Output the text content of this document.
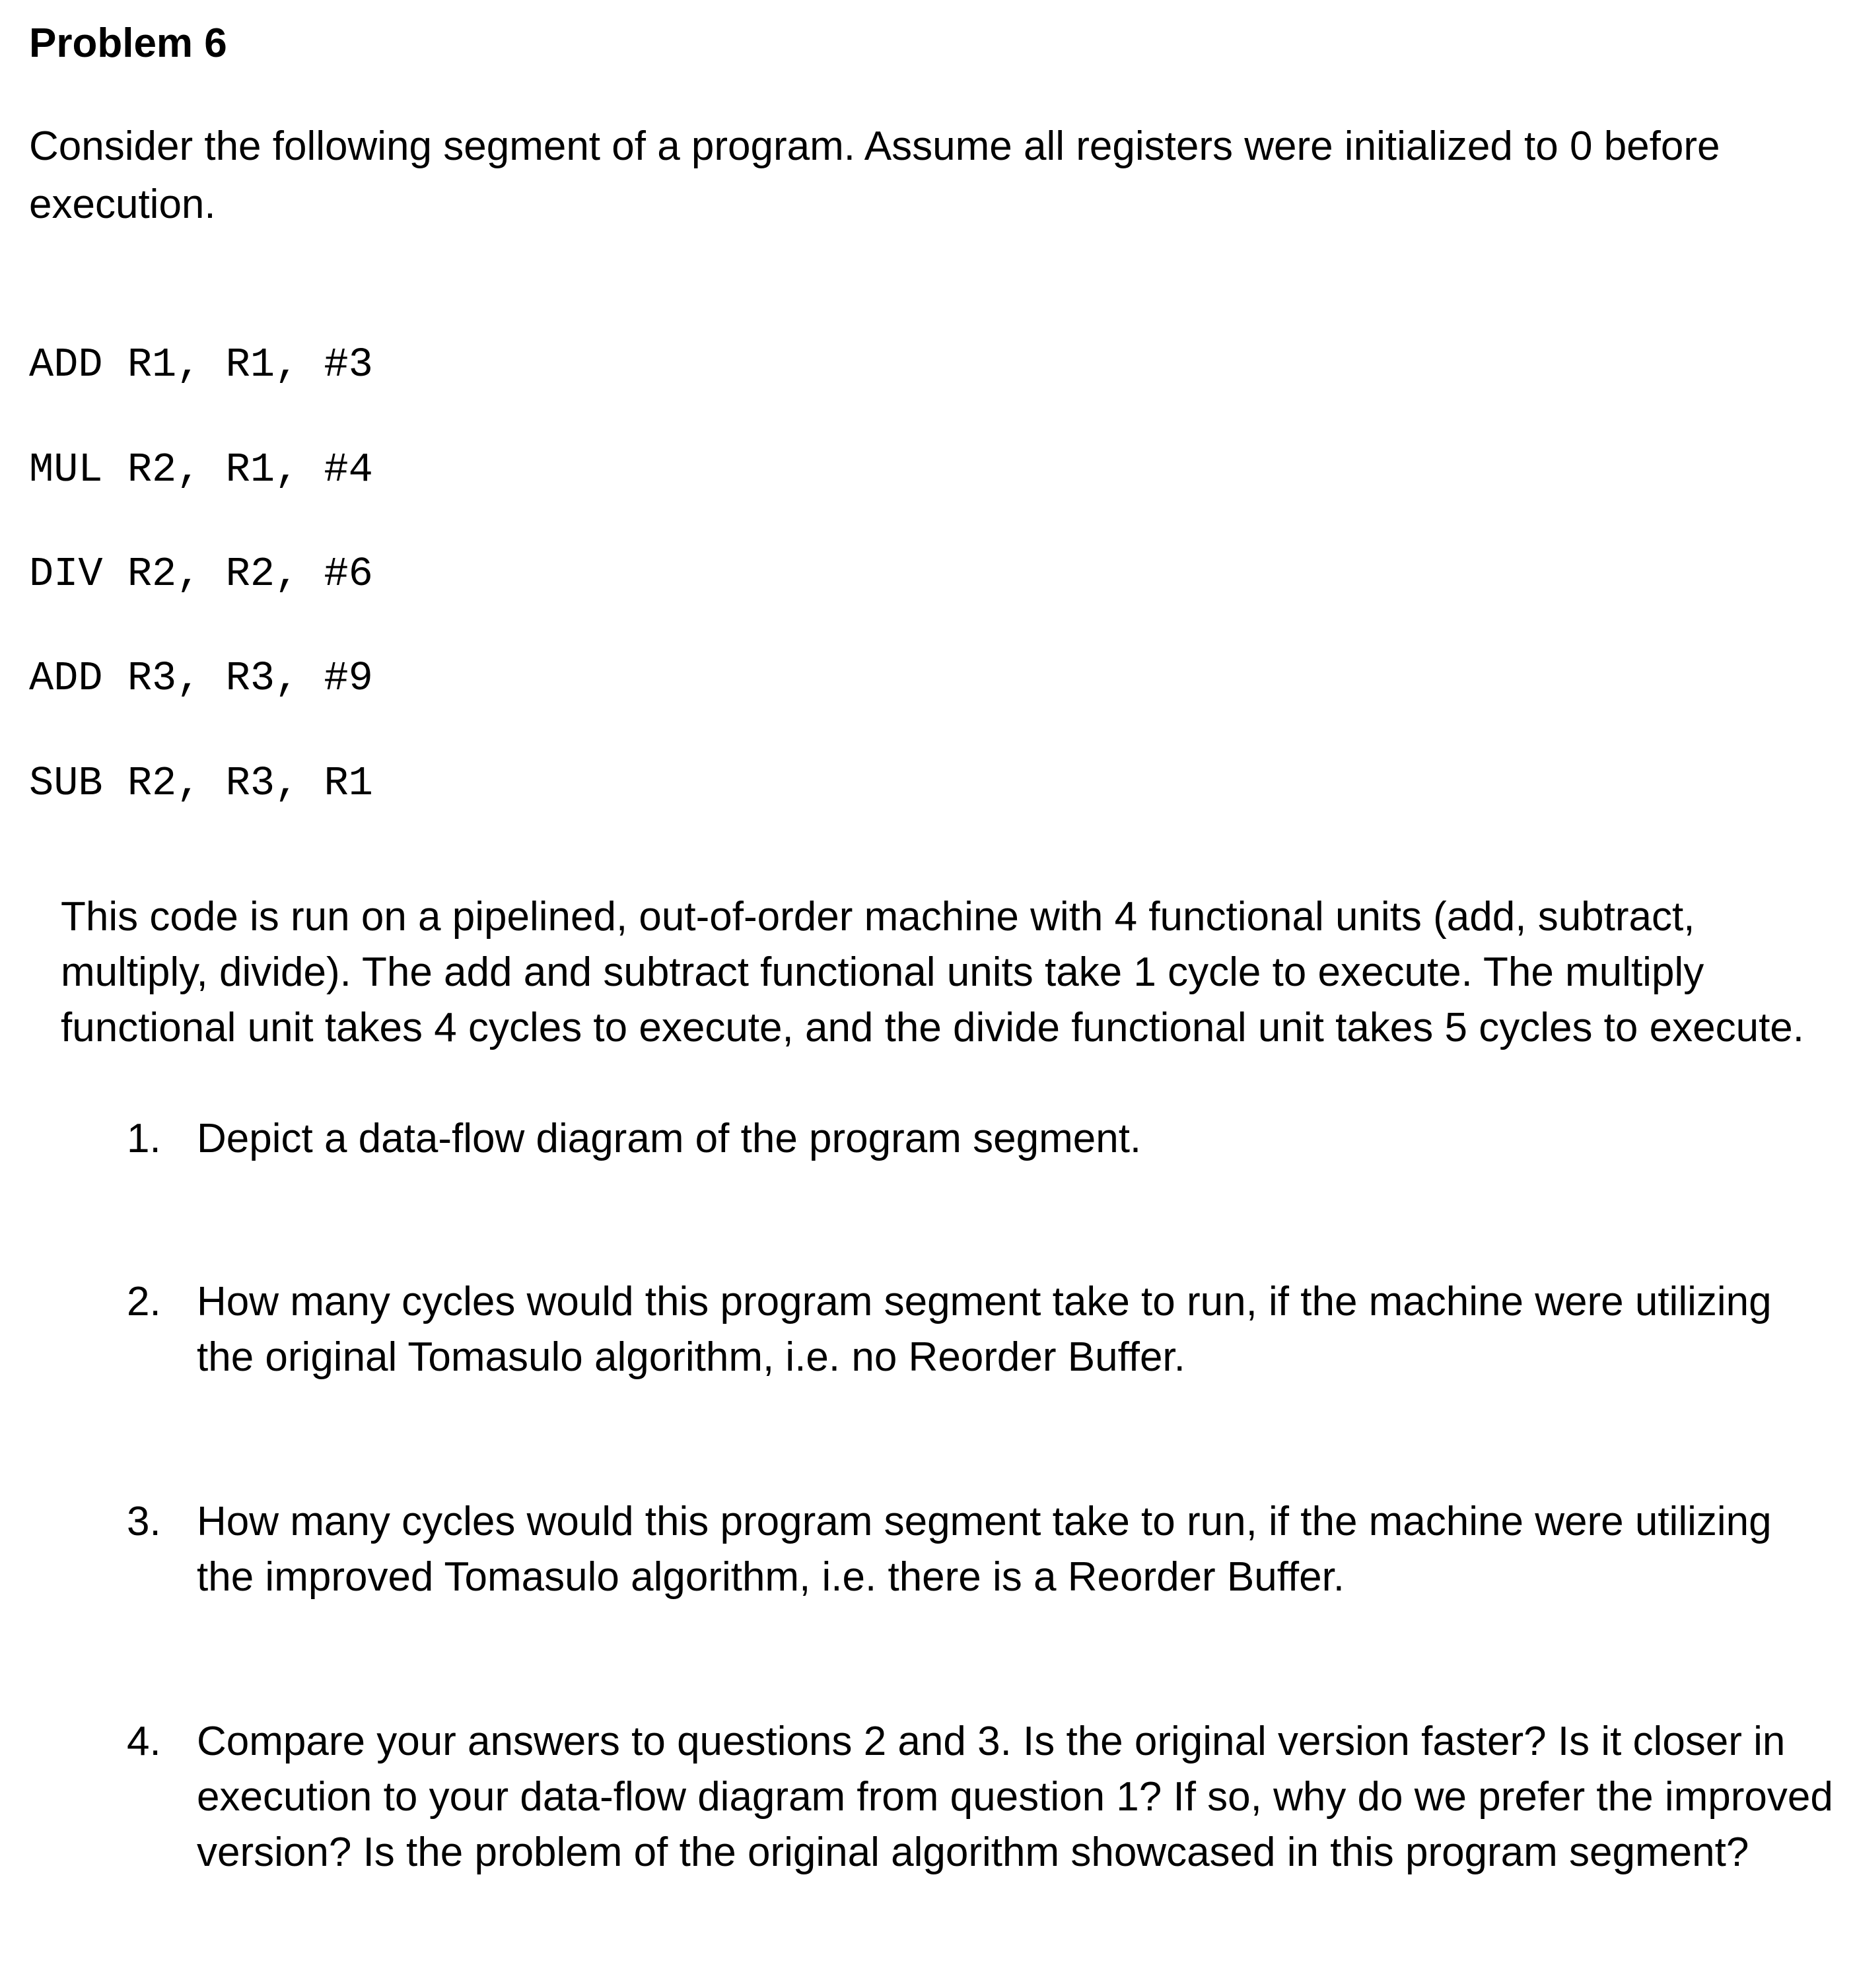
Problem 6

Consider the following segment of a program. Assume all registers were initialized to 0 before execution.

ADD R1, R1, #3
MUL R2, R1, #4
DIV R2, R2, #6
ADD R3, R3, #9
SUB R2, R3, R1

This code is run on a pipelined, out-of-order machine with 4 functional units (add, subtract, multiply, divide). The add and subtract functional units take 1 cycle to execute. The multiply functional unit takes 4 cycles to execute, and the divide functional unit takes 5 cycles to execute.

1. Depict a data-flow diagram of the program segment.
2. How many cycles would this program segment take to run, if the machine were utilizing the original Tomasulo algorithm, i.e. no Reorder Buffer.
3. How many cycles would this program segment take to run, if the machine were utilizing the improved Tomasulo algorithm, i.e. there is a Reorder Buffer.
4. Compare your answers to questions 2 and 3. Is the original version faster? Is it closer in execution to your data-flow diagram from question 1? If so, why do we prefer the improved version? Is the problem of the original algorithm showcased in this program segment?
